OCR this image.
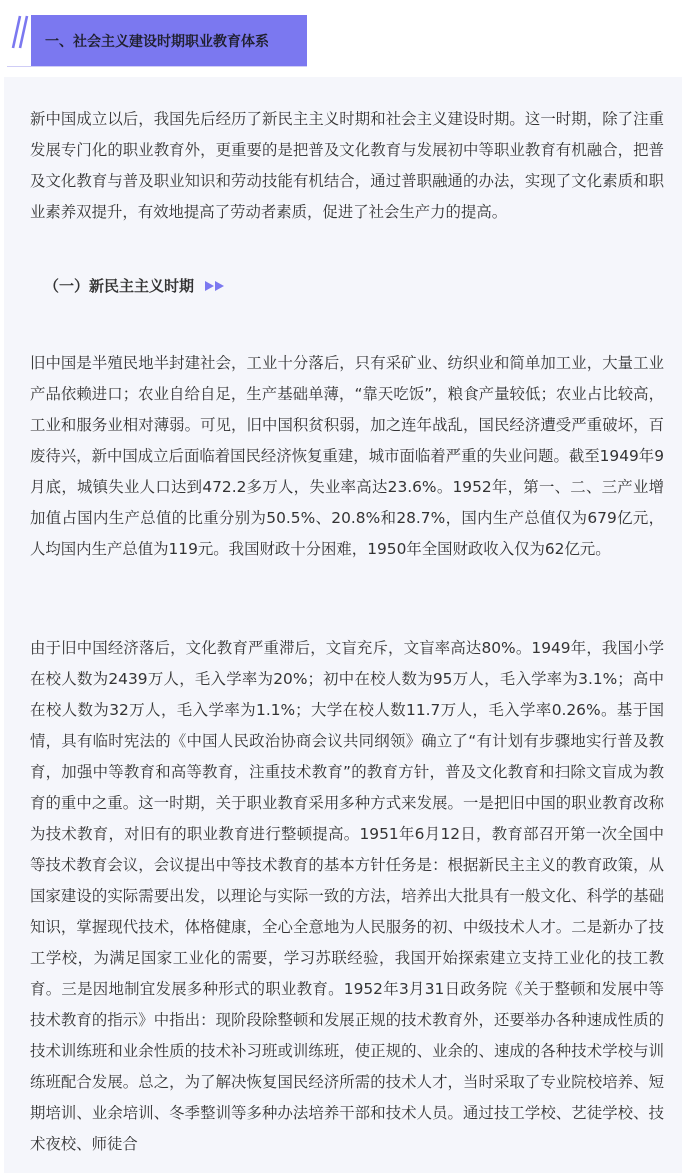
一、社会主义建设时期职业教育体系

新中国成立以后，我国先后经历了新民主主义时期和社会主义建设时期。这一时期，除了注重发展专门化的职业教育外，更重要的是把普及文化教育与发展初中等职业教育有机融合，把普及文化教育与普及职业知识和劳动技能有机结合，通过普职融通的办法，实现了文化素质和职业素养双提升，有效地提高了劳动者素质，促进了社会生产力的提高。

（一）新民主主义时期

旧中国是半殖民地半封建社会，工业十分落后，只有采矿业、纺织业和简单加工业，大量工业产品依赖进口；农业自给自足，生产基础单薄，“靠天吃饭”，粮食产量较低；农业占比较高，工业和服务业相对薄弱。可见，旧中国积贫积弱，加之连年战乱，国民经济遭受严重破坏，百废待兴，新中国成立后面临着国民经济恢复重建，城市面临着严重的失业问题。截至1949年9月底，城镇失业人口达到472.2多万人，失业率高达23.6%。1952年，第一、二、三产业增加值占国内生产总值的比重分别为50.5%、20.8%和28.7%，国内生产总值仅为679亿元，人均国内生产总值为119元。我国财政十分困难，1950年全国财政收入仅为62亿元。

由于旧中国经济落后，文化教育严重滞后，文盲充斥，文盲率高达80%。1949年，我国小学在校人数为2439万人，毛入学率为20%；初中在校人数为95万人，毛入学率为3.1%；高中在校人数为32万人，毛入学率为1.1%；大学在校人数11.7万人，毛入学率0.26%。基于国情，具有临时宪法的《中国人民政治协商会议共同纲领》确立了“有计划有步骤地实行普及教育，加强中等教育和高等教育，注重技术教育”的教育方针，普及文化教育和扫除文盲成为教育的重中之重。这一时期，关于职业教育采用多种方式来发展。一是把旧中国的职业教育改称为技术教育，对旧有的职业教育进行整顿提高。1951年6月12日，教育部召开第一次全国中等技术教育会议，会议提出中等技术教育的基本方针任务是：根据新民主主义的教育政策，从国家建设的实际需要出发，以理论与实际一致的方法，培养出大批具有一般文化、科学的基础知识，掌握现代技术，体格健康，全心全意地为人民服务的初、中级技术人才。二是新办了技工学校，为满足国家工业化的需要，学习苏联经验，我国开始探索建立支持工业化的技工教育。三是因地制宜发展多种形式的职业教育。1952年3月31日政务院《关于整顿和发展中等技术教育的指示》中指出：现阶段除整顿和发展正规的技术教育外，还要举办各种速成性质的技术训练班和业余性质的技术补习班或训练班，使正规的、业余的、速成的各种技术学校与训练班配合发展。总之，为了解决恢复国民经济所需的技术人才，当时采取了专业院校培养、短期培训、业余培训、冬季整训等多种办法培养干部和技术人员。通过技工学校、艺徒学校、技术夜校、师徒合
